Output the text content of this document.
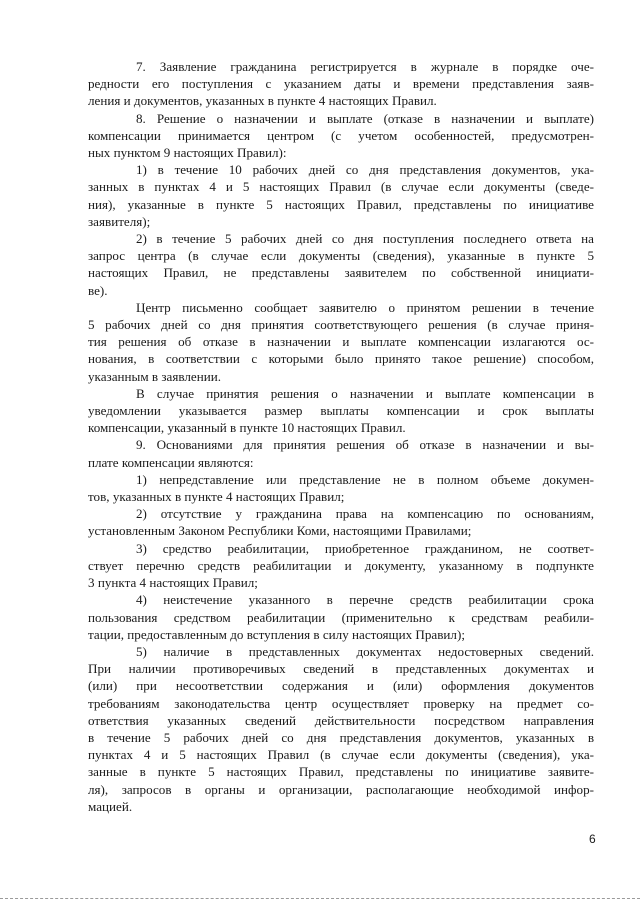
7. Заявление гражданина регистрируется в журнале в порядке оче-
редности его поступления с указанием даты и времени представления заяв-
ления и документов, указанных в пункте 4 настоящих Правил.
8. Решение о назначении и выплате (отказе в назначении и выплате)
компенсации принимается центром (с учетом особенностей, предусмотрен-
ных пунктом 9 настоящих Правил):
1) в течение 10 рабочих дней со дня представления документов, ука-
занных в пунктах 4 и 5 настоящих Правил (в случае если документы (сведе-
ния), указанные в пункте 5 настоящих Правил, представлены по инициативе
заявителя);
2) в течение 5 рабочих дней со дня поступления последнего ответа на
запрос центра (в случае если документы (сведения), указанные в пункте 5
настоящих Правил, не представлены заявителем по собственной инициати-
ве).
Центр письменно сообщает заявителю о принятом решении в течение
5 рабочих дней со дня принятия соответствующего решения (в случае приня-
тия решения об отказе в назначении и выплате компенсации излагаются ос-
нования, в соответствии с которыми было принято такое решение) способом,
указанным в заявлении.
В случае принятия решения о назначении и выплате компенсации в
уведомлении указывается размер выплаты компенсации и срок выплаты
компенсации, указанный в пункте 10 настоящих Правил.
9. Основаниями для принятия решения об отказе в назначении и вы-
плате компенсации являются:
1) непредставление или представление не в полном объеме докумен-
тов, указанных в пункте 4 настоящих Правил;
2) отсутствие у гражданина права на компенсацию по основаниям,
установленным Законом Республики Коми, настоящими Правилами;
3) средство реабилитации, приобретенное гражданином, не соответ-
ствует перечню средств реабилитации и документу, указанному в подпункте
3 пункта 4 настоящих Правил;
4) неистечение указанного в перечне средств реабилитации срока
пользования средством реабилитации (применительно к средствам реабили-
тации, предоставленным до вступления в силу настоящих Правил);
5) наличие в представленных документах недостоверных сведений.
При наличии противоречивых сведений в представленных документах и
(или) при несоответствии содержания и (или) оформления документов
требованиям законодательства центр осуществляет проверку на предмет со-
ответствия указанных сведений действительности посредством направления
в течение 5 рабочих дней со дня представления документов, указанных в
пунктах 4 и 5 настоящих Правил (в случае если документы (сведения), ука-
занные в пункте 5 настоящих Правил, представлены по инициативе заявите-
ля), запросов в органы и организации, располагающие необходимой инфор-
мацией.
6
